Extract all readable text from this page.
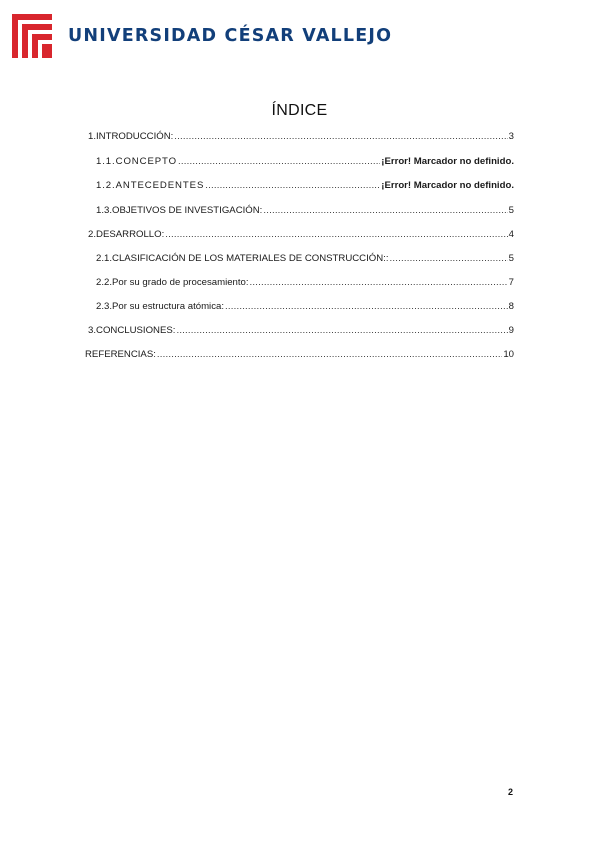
UNIVERSIDAD CÉSAR VALLEJO
ÍNDICE
1. INTRODUCCIÓN: .....	3
1.1. CONCEPTO .....	¡Error! Marcador no definido.
1.2. ANTECEDENTES .....	¡Error! Marcador no definido.
1.3. OBJETIVOS DE INVESTIGACIÓN: .....	5
2. DESARROLLO: .....	4
2.1. CLASIFICACIÓN DE LOS MATERIALES DE CONSTRUCCIÓN:: .....	5
2.2. Por su grado de procesamiento: .....	7
2.3. Por su estructura atómica: .....	8
3. CONCLUSIONES: .....	9
REFERENCIAS: .....	10
2
